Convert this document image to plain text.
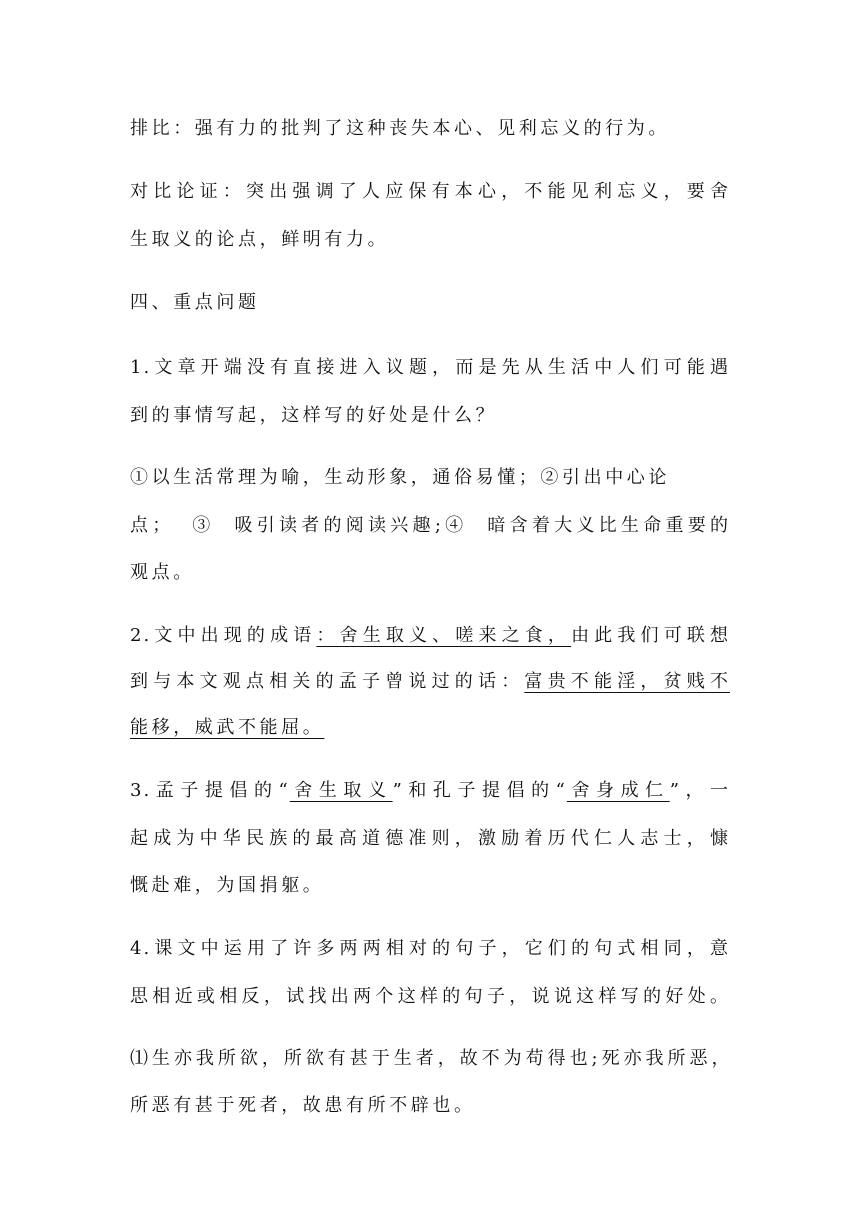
排比：强有力的批判了这种丧失本心、见利忘义的行为。
对比论证：突出强调了人应保有本心，不能见利忘义，要舍
生取义的论点，鲜明有力。
四、重点问题
1.文章开端没有直接进入议题，而是先从生活中人们可能遇
到的事情写起，这样写的好处是什么？
①以生活常理为喻，生动形象，通俗易懂；②引出中心论
点；  ③  吸引读者的阅读兴趣;④  暗含着大义比生命重要的
观点。
2.文中出现的成语：舍生取义、嗟来之食，由此我们可联想
到与本文观点相关的孟子曾说过的话：富贵不能淫，贫贱不
能移，威武不能屈。
3.孟子提倡的“舍生取义”和孔子提倡的“舍身成仁”，一
起成为中华民族的最高道德准则，激励着历代仁人志士，慷
慨赴难，为国捐躯。
4.课文中运用了许多两两相对的句子，它们的句式相同，意
思相近或相反，试找出两个这样的句子，说说这样写的好处。
⑴生亦我所欲，所欲有甚于生者，故不为苟得也;死亦我所恶，
所恶有甚于死者，故患有所不辟也。
